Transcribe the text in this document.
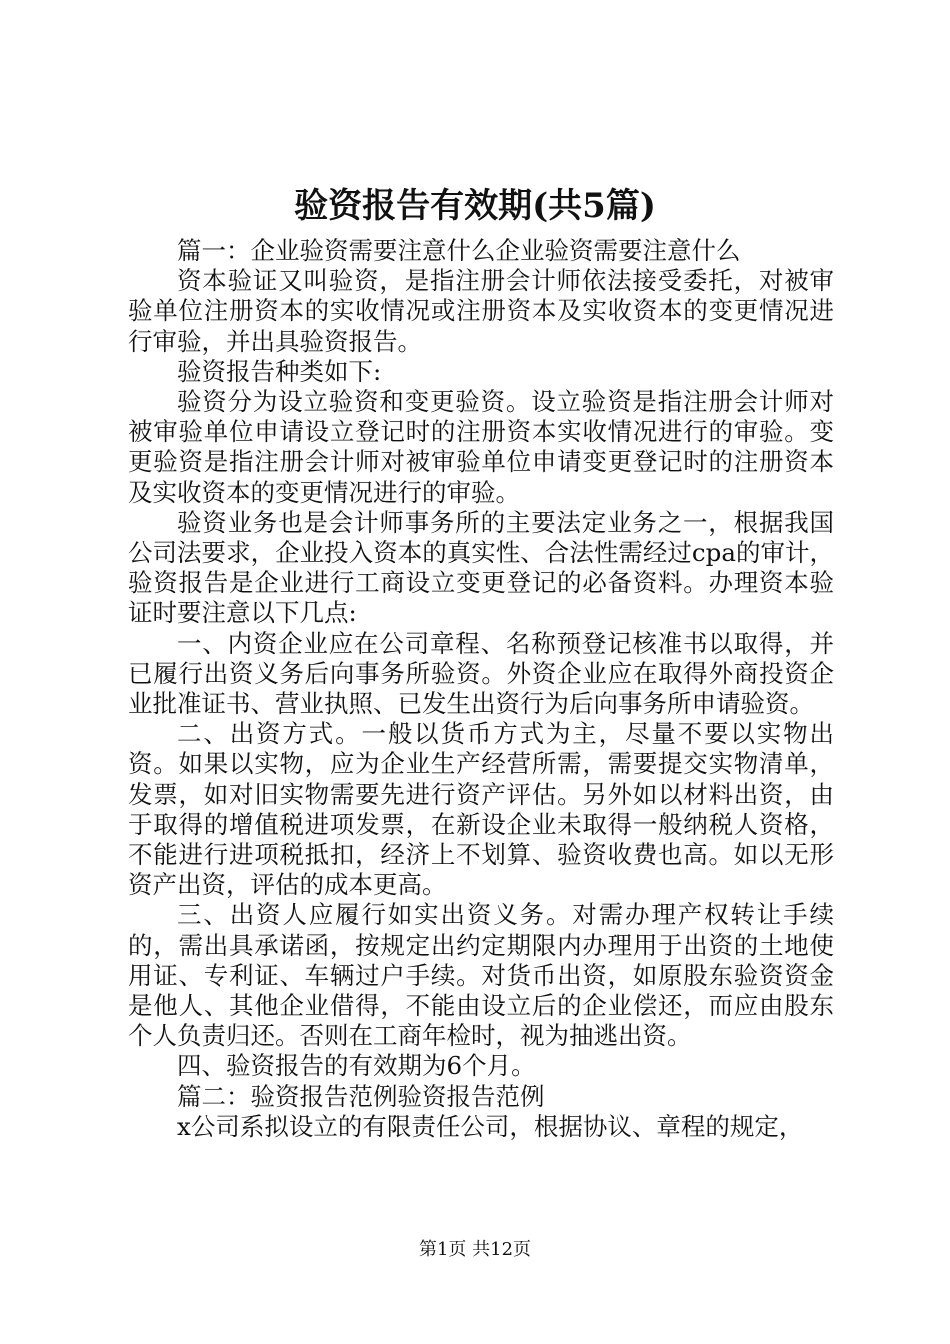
验资报告有效期(共5篇)

篇一：企业验资需要注意什么企业验资需要注意什么

资本验证又叫验资，是指注册会计师依法接受委托，对被审验单位注册资本的实收情况或注册资本及实收资本的变更情况进行审验，并出具验资报告。

验资报告种类如下:

验资分为设立验资和变更验资。设立验资是指注册会计师对被审验单位申请设立登记时的注册资本实收情况进行的审验。变更验资是指注册会计师对被审验单位申请变更登记时的注册资本及实收资本的变更情况进行的审验。

验资业务也是会计师事务所的主要法定业务之一，根据我国公司法要求，企业投入资本的真实性、合法性需经过cpa的审计，验资报告是企业进行工商设立变更登记的必备资料。办理资本验证时要注意以下几点:

一、内资企业应在公司章程、名称预登记核准书以取得，并已履行出资义务后向事务所验资。外资企业应在取得外商投资企业批准证书、营业执照、已发生出资行为后向事务所申请验资。

二、出资方式。一般以货币方式为主，尽量不要以实物出资。如果以实物，应为企业生产经营所需，需要提交实物清单，发票，如对旧实物需要先进行资产评估。另外如以材料出资，由于取得的增值税进项发票，在新设企业未取得一般纳税人资格，不能进行进项税抵扣，经济上不划算、验资收费也高。如以无形资产出资，评估的成本更高。

三、出资人应履行如实出资义务。对需办理产权转让手续的，需出具承诺函，按规定出约定期限内办理用于出资的土地使用证、专利证、车辆过户手续。对货币出资，如原股东验资资金是他人、其他企业借得，不能由设立后的企业偿还，而应由股东个人负责归还。否则在工商年检时，视为抽逃出资。

四、验资报告的有效期为6个月。

篇二：验资报告范例验资报告范例

x公司系拟设立的有限责任公司，根据协议、章程的规定，

第1页 共12页
